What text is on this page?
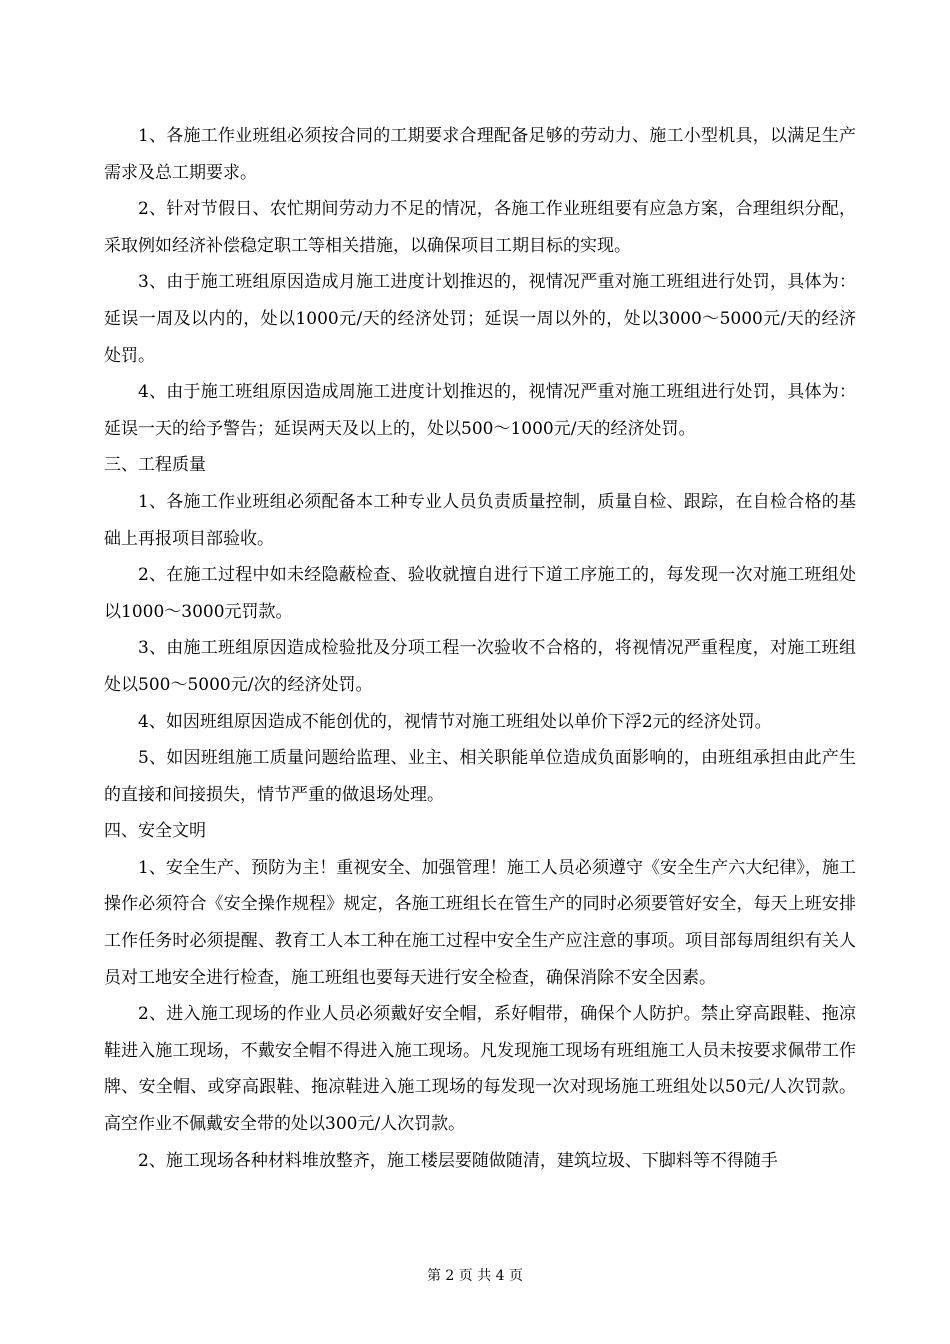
1、各施工作业班组必须按合同的工期要求合理配备足够的劳动力、施工小型机具，以满足生产需求及总工期要求。

2、针对节假日、农忙期间劳动力不足的情况，各施工作业班组要有应急方案，合理组织分配，采取例如经济补偿稳定职工等相关措施，以确保项目工期目标的实现。

3、由于施工班组原因造成月施工进度计划推迟的，视情况严重对施工班组进行处罚，具体为：延误一周及以内的，处以1000元/天的经济处罚；延误一周以外的，处以3000～5000元/天的经济处罚。

4、由于施工班组原因造成周施工进度计划推迟的，视情况严重对施工班组进行处罚，具体为：延误一天的给予警告；延误两天及以上的，处以500～1000元/天的经济处罚。

三、工程质量

1、各施工作业班组必须配备本工种专业人员负责质量控制，质量自检、跟踪，在自检合格的基础上再报项目部验收。

2、在施工过程中如未经隐蔽检查、验收就擅自进行下道工序施工的，每发现一次对施工班组处以1000～3000元罚款。

3、由施工班组原因造成检验批及分项工程一次验收不合格的，将视情况严重程度，对施工班组处以500～5000元/次的经济处罚。

4、如因班组原因造成不能创优的，视情节对施工班组处以单价下浮2元的经济处罚。

5、如因班组施工质量问题给监理、业主、相关职能单位造成负面影响的，由班组承担由此产生的直接和间接损失，情节严重的做退场处理。

四、安全文明

1、安全生产、预防为主！重视安全、加强管理！施工人员必须遵守《安全生产六大纪律》，施工操作必须符合《安全操作规程》规定，各施工班组长在管生产的同时必须要管好安全，每天上班安排工作任务时必须提醒、教育工人本工种在施工过程中安全生产应注意的事项。项目部每周组织有关人员对工地安全进行检查，施工班组也要每天进行安全检查，确保消除不安全因素。

2、进入施工现场的作业人员必须戴好安全帽，系好帽带，确保个人防护。禁止穿高跟鞋、拖凉鞋进入施工现场，不戴安全帽不得进入施工现场。凡发现施工现场有班组施工人员未按要求佩带工作牌、安全帽、或穿高跟鞋、拖凉鞋进入施工现场的每发现一次对现场施工班组处以50元/人次罚款。高空作业不佩戴安全带的处以300元/人次罚款。

2、施工现场各种材料堆放整齐，施工楼层要随做随清，建筑垃圾、下脚料等不得随手

第 2 页 共 4 页
